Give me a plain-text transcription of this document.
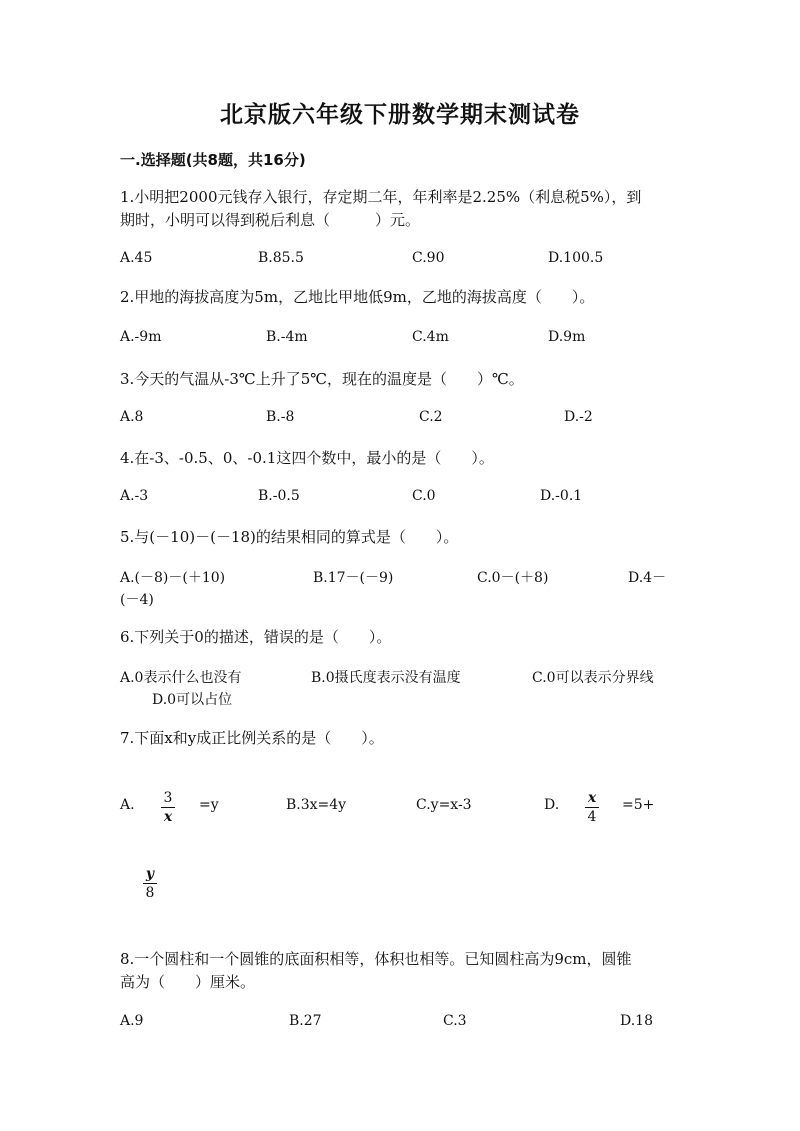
北京版六年级下册数学期末测试卷
一.选择题(共8题，共16分)
1.小明把2000元钱存入银行，存定期二年，年利率是2.25%（利息税5%），到
期时，小明可以得到税后利息（　　　）元。
A.45	B.85.5	C.90	D.100.5
2.甲地的海拔高度为5m，乙地比甲地低9m，乙地的海拔高度（　　）。
A.-9m	B.-4m	C.4m	D.9m
3.今天的气温从-3℃上升了5℃，现在的温度是（　　）℃。
A.8	B.-8	C.2	D.-2
4.在-3、-0.5、0、-0.1这四个数中，最小的是（　　）。
A.-3	B.-0.5	C.0	D.-0.1
5.与(－10)－(－18)的结果相同的算式是（　　）。
A.(－8)－(＋10)	B.17－(－9)	C.0－(＋8)	D.4－
(－4)
6.下列关于0的描述，错误的是（　　）。
A.0表示什么也没有	B.0摄氏度表示没有温度	C.0可以表示分界线
D.0可以占位
7.下面x和y成正比例关系的是（　　）。
A. 3
x
=y	B.3x=4y	C.y=x-3	D. x
4
=5+
y
8
8.一个圆柱和一个圆锥的底面积相等，体积也相等。已知圆柱高为9cm，圆锥
高为（　　）厘米。
A.9	B.27	C.3	D.18
